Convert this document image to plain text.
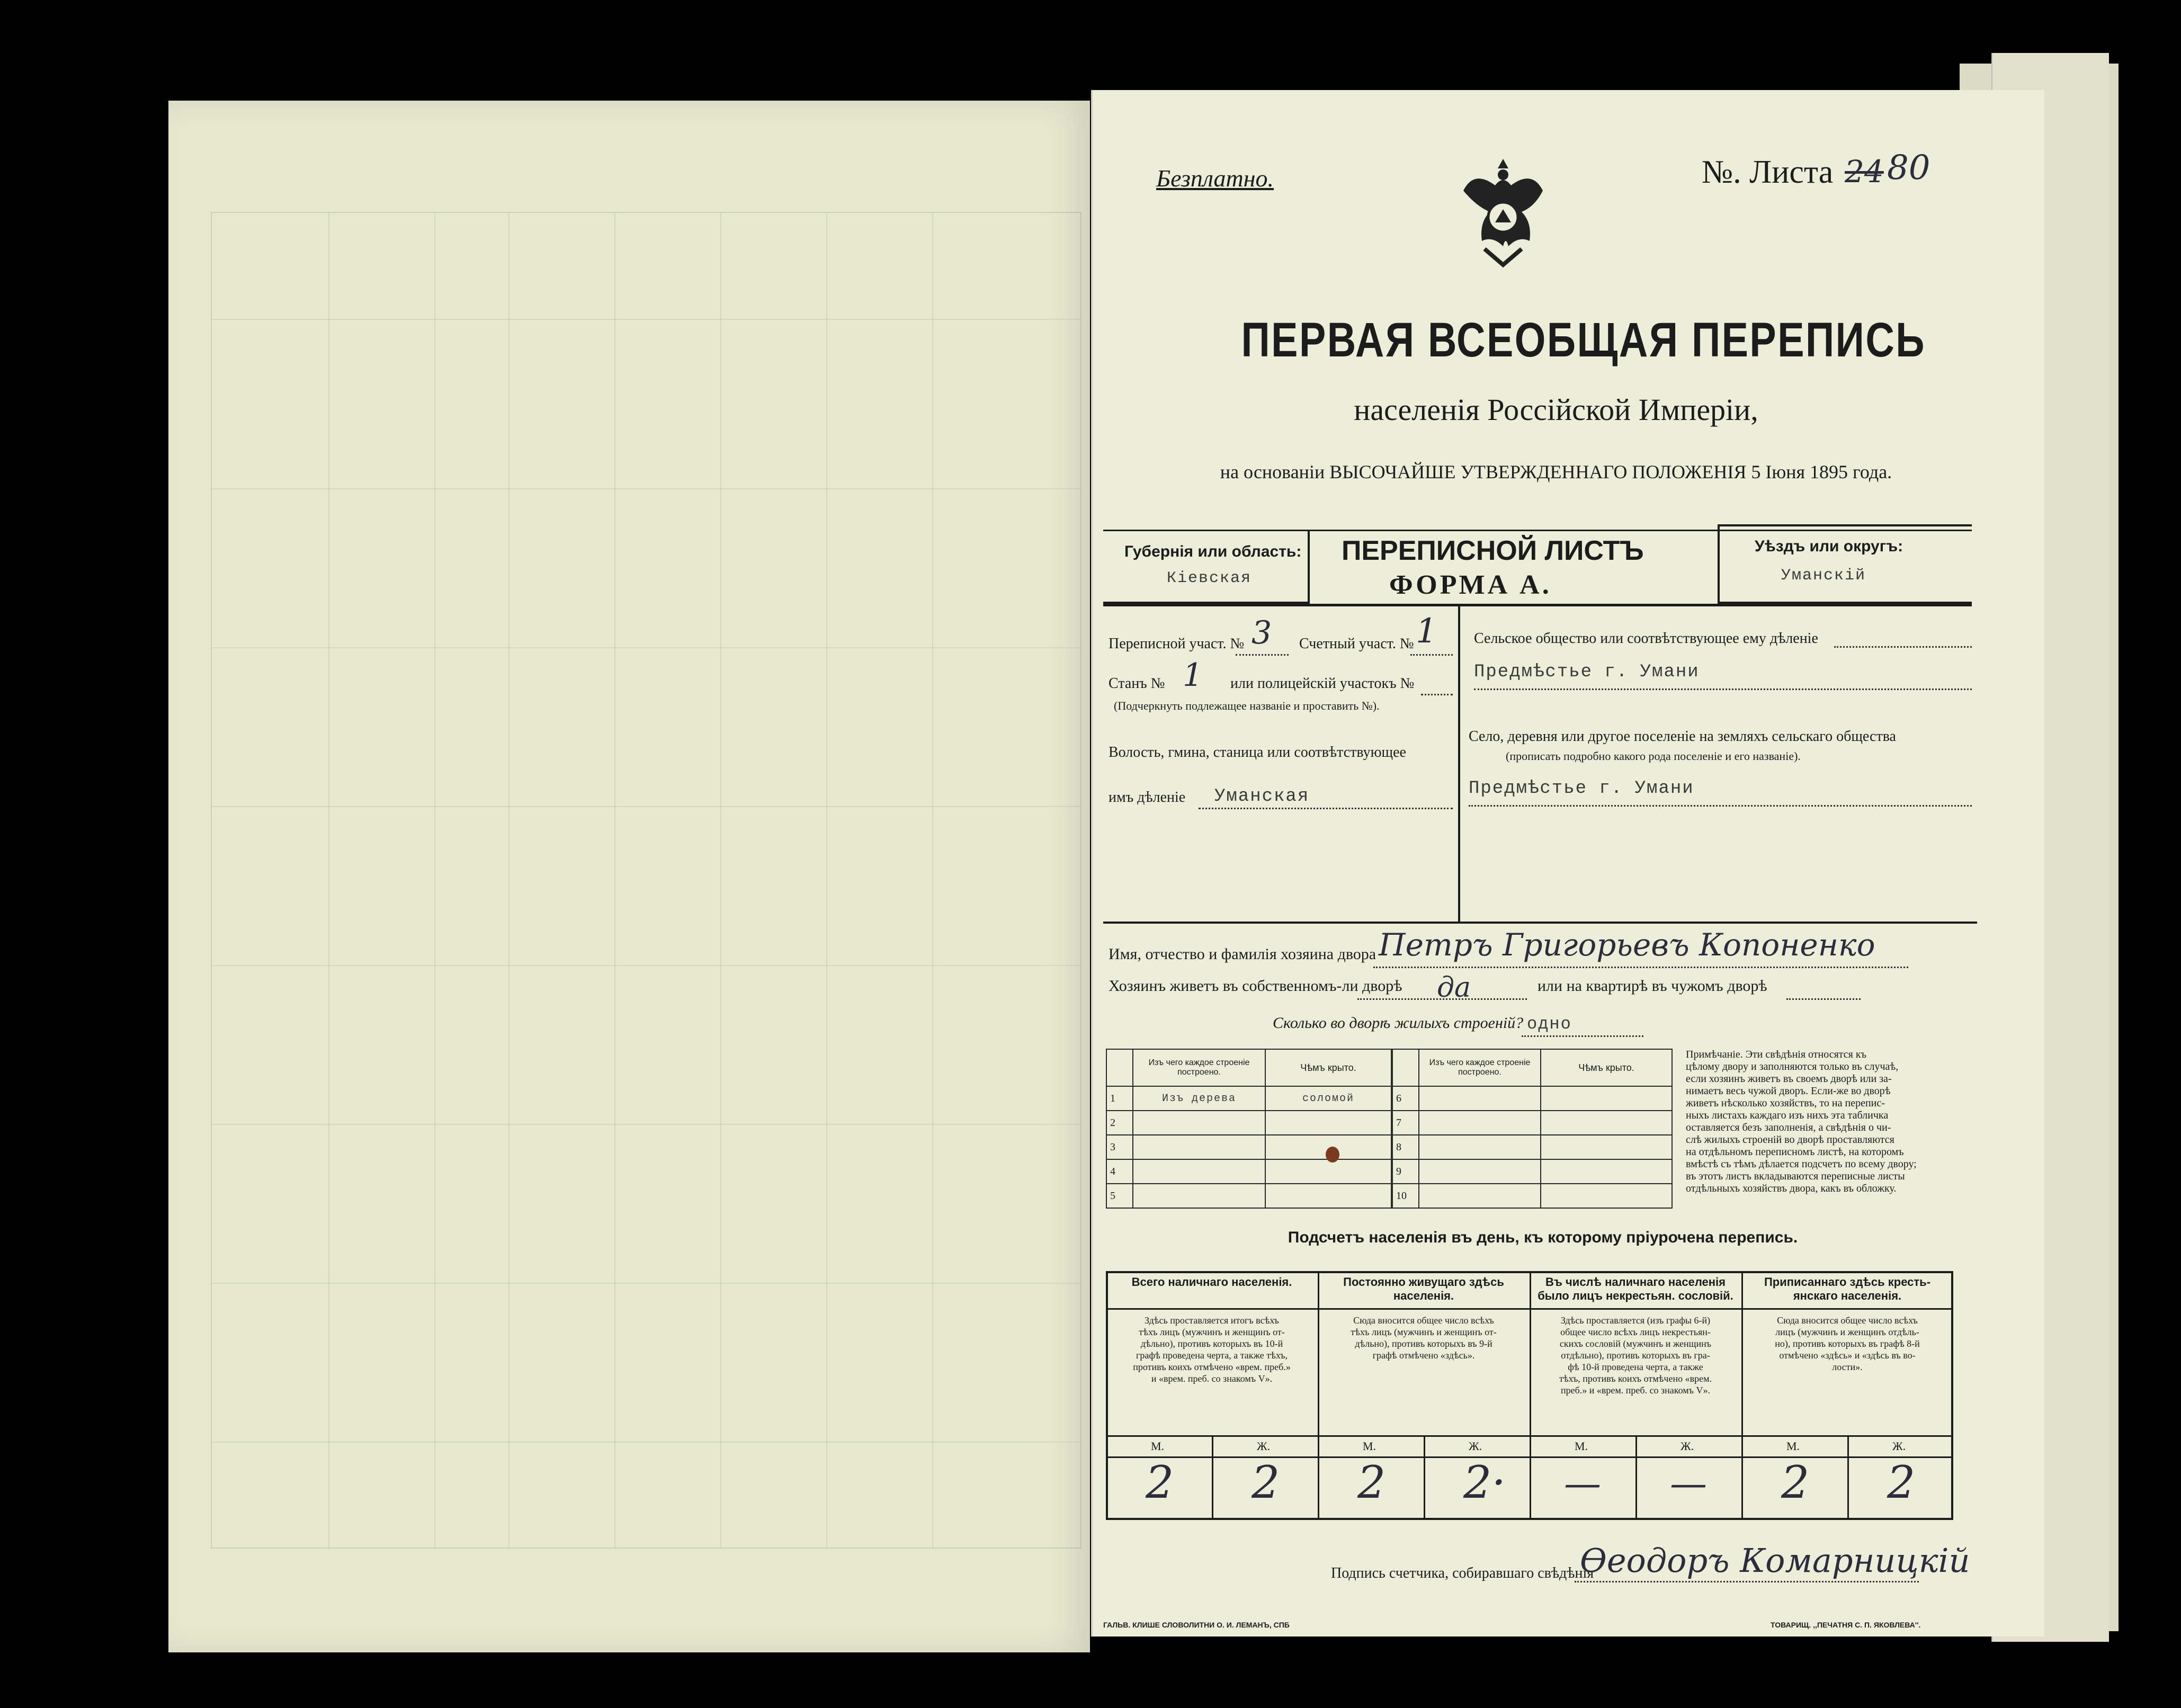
Безплатно.	№. Листа 24 80
ПЕРВАЯ ВСЕОБЩАЯ ПЕРЕПИСЬ
населенія Россійской Имперіи,
на основаніи ВЫСОЧАЙШЕ УТВЕРЖДЕННАГО ПОЛОЖЕНІЯ 5 Іюня 1895 года.
Губернія или область:
Кіевская
ПЕРЕПИСНОЙ ЛИСТЪ
ФОРМА А.
Уѣздъ или округъ:
Уманскій
Переписной участ. № 3 Счетный участ. № 1
Станъ № 1 или полицейскій участокъ №
(Подчеркнуть подлежащее названіе и проставить №).
Волость, гмина, станица или соотвѣтствующее
имъ дѣленіе Уманская
Сельское общество или соотвѣтствующее ему дѣленіе
Предмѣстье г. Умани
Село, деревня или другое поселеніе на земляхъ сельскаго общества
(прописать подробно какого рода поселеніе и его названіе).
Предмѣстье г. Умани
Имя, отчество и фамилія хозяина двора Петръ Григорьевъ Копоненко
Хозяинъ живетъ въ собственномъ-ли дворѣ да	или на квартирѣ въ чужомъ дворѣ
Сколько во дворѣ жилыхъ строеній? одно
	Изъ чего каждое строеніе построено.	Чѣмъ крыто.
1	Изъ дерева	соломой
2		
3		
4		
5		
	Изъ чего каждое строеніе построено.	Чѣмъ крыто.
6		
7		
8		
9		
10		
Примѣчаніе. Эти свѣдѣнія относятся къ
цѣлому двору и заполняются только въ случаѣ,
если хозяинъ живетъ въ своемъ дворѣ или за-
нимаетъ весь чужой дворъ. Если-же во дворѣ
живетъ нѣсколько хозяйствъ, то на перепис-
ныхъ листахъ каждаго изъ нихъ эта табличка
оставляется безъ заполненія, а свѣдѣнія о чи-
слѣ жилыхъ строеній во дворѣ проставляются
на отдѣльномъ переписномъ листѣ, на которомъ
вмѣстѣ съ тѣмъ дѣлается подсчетъ по всему двору;
въ этотъ листъ вкладываются переписные листы
отдѣльныхъ хозяйствъ двора, какъ въ обложку.
Подсчетъ населенія въ день, къ которому пріурочена перепись.
Всего наличнаго населенія.
Здѣсь проставляется итогъ всѣхъ
тѣхъ лицъ (мужчинъ и женщинъ от-
дѣльно), противъ которыхъ въ 10-й
графѣ проведена черта, а также тѣхъ,
противъ коихъ отмѣчено «врем. преб.»
и «врем. преб. со знакомъ V».
Постоянно живущаго здѣсь населенія.
Сюда вносится общее число всѣхъ
тѣхъ лицъ (мужчинъ и женщинъ от-
дѣльно), противъ которыхъ въ 9-й
графѣ отмѣчено «здѣсь».
Въ числѣ наличнаго населенія было лицъ некрестьян. сословій.
Здѣсь проставляется (изъ графы 6-й)
общее число всѣхъ лицъ некрестьян-
скихъ сословій (мужчинъ и женщинъ
отдѣльно), противъ которыхъ въ гра-
фѣ 10-й проведена черта, а также
тѣхъ, противъ коихъ отмѣчено «врем.
преб.» и «врем. преб. со знакомъ V».
Приписаннаго здѣсь кресть-янскаго населенія.
Сюда вносится общее число всѣхъ
лицъ (мужчинъ и женщинъ отдѣль-
но), противъ которыхъ въ графѣ 8-й
отмѣчено «здѣсь» и «здѣсь въ во-
лости».
М.	Ж.	М.	Ж.	М.	Ж.	М.	Ж.
2 2 2 2· — — 2 2
Подпись счетчика, собиравшаго свѣдѣнія
Өеодоръ Комарницкій
ГАЛЬВ. КЛИШЕ СЛОВОЛИТНИ О. И. ЛЕМАНЪ, СПБ	ТОВАРИЩ. ,,ПЕЧАТНЯ С. П. ЯКОВЛЕВА''.
